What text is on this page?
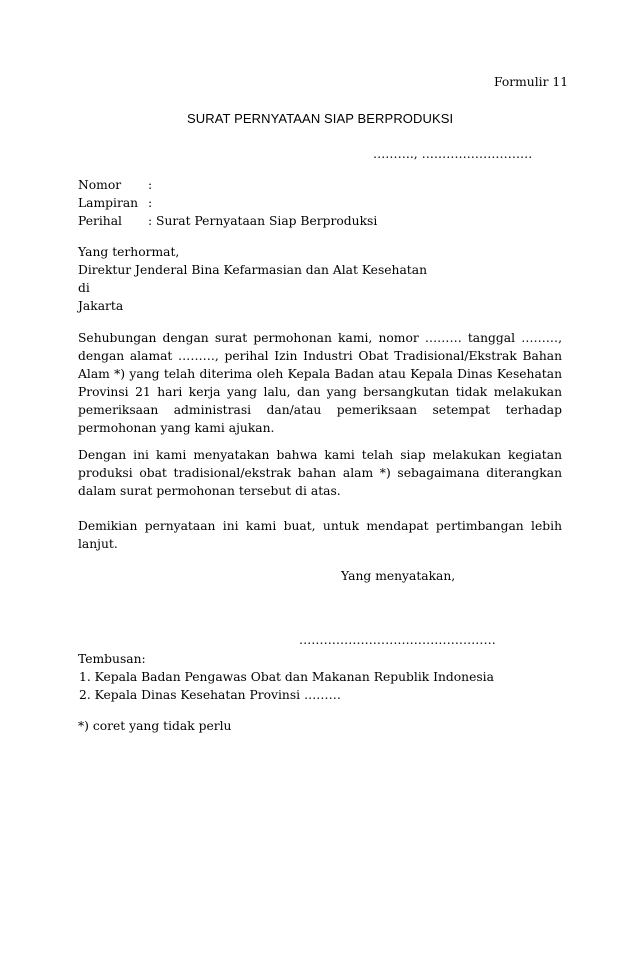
Formulir 11
SURAT PERNYATAAN SIAP BERPRODUKSI
………., ………………………
Nomor	:
Lampiran :
Perihal	: Surat Pernyataan Siap Berproduksi
Yang terhormat,
Direktur Jenderal Bina Kefarmasian dan Alat Kesehatan
di
Jakarta
Sehubungan dengan surat permohonan kami, nomor ……… tanggal ………,
dengan alamat ………, perihal Izin Industri Obat Tradisional/Ekstrak Bahan
Alam *) yang telah diterima oleh Kepala Badan atau Kepala Dinas Kesehatan
Provinsi 21 hari kerja yang lalu, dan yang bersangkutan tidak melakukan
pemeriksaan administrasi dan/atau pemeriksaan setempat terhadap
permohonan yang kami ajukan.
Dengan ini kami menyatakan bahwa kami telah siap melakukan kegiatan
produksi obat tradisional/ekstrak bahan alam *) sebagaimana diterangkan
dalam surat permohonan tersebut di atas.
Demikian pernyataan ini kami buat, untuk mendapat pertimbangan lebih
lanjut.
Yang menyatakan,
…………………………………………
Tembusan:
1. Kepala Badan Pengawas Obat dan Makanan Republik Indonesia
2. Kepala Dinas Kesehatan Provinsi ………
*) coret yang tidak perlu
